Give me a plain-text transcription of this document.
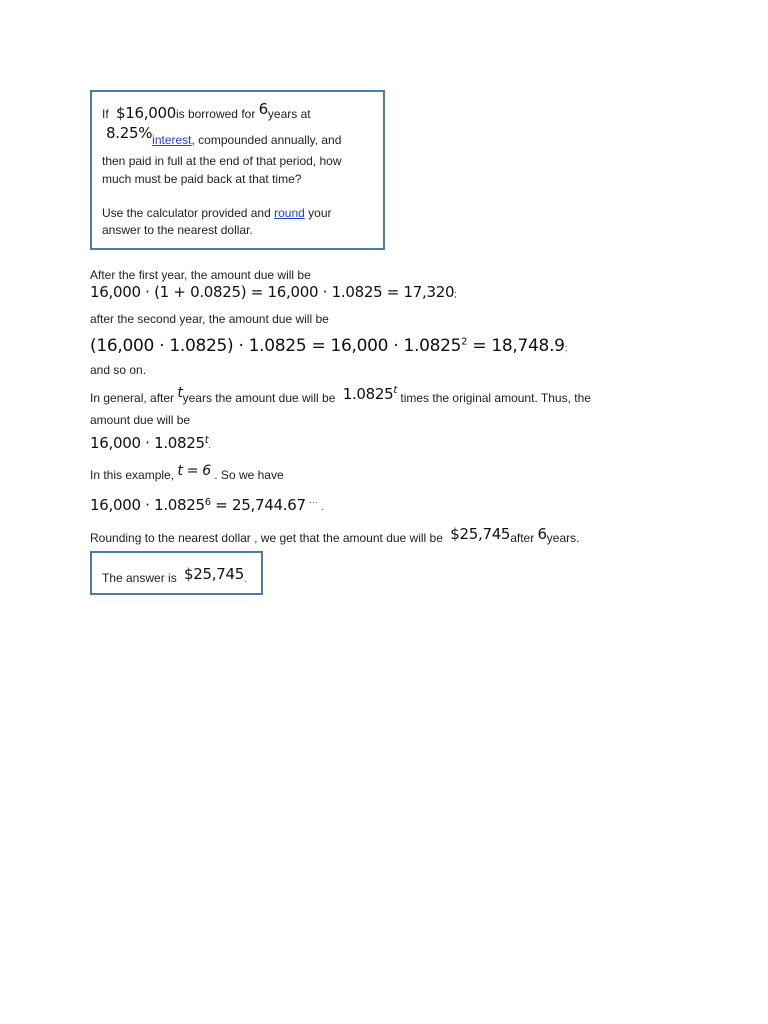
If $16,000is borrowed for 6years at
8.25%interest, compounded annually, and
then paid in full at the end of that period, how
much must be paid back at that time?
Use the calculator provided and round your
answer to the nearest dollar.
After the first year, the amount due will be
16,000 · (1 + 0.0825) = 16,000 · 1.0825 = 17,320;
after the second year, the amount due will be
$(16,000 \cdot 1.0825) \cdot 1.0825 = 16,000 \cdot 1.0825^2 = 18,748.9$;
and so on.
In general, after tyears the amount due will be 1.0825$^t$ times the original amount. Thus, the
amount due will be
$16,000 \cdot 1.0825^t$.
In this example, t = 6 . So we have
$16,000 \cdot 1.0825^6 = 25,744.67$ ··· .
Rounding to the nearest dollar , we get that the amount due will be $25,745after 6years.
The answer is $25,745.
